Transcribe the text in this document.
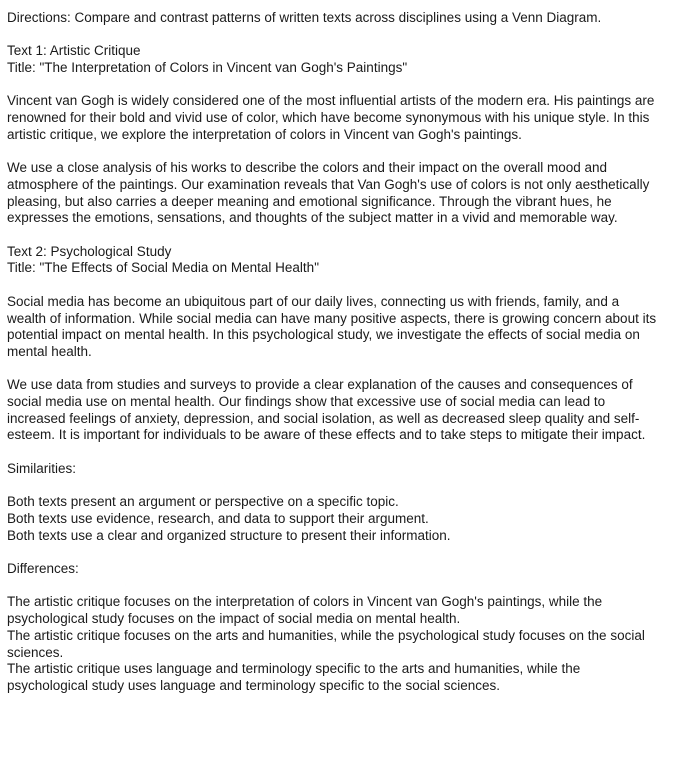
Directions: Compare and contrast patterns of written texts across disciplines using a Venn Diagram.

Text 1: Artistic Critique

Title: "The Interpretation of Colors in Vincent van Gogh's Paintings"

Vincent van Gogh is widely considered one of the most influential artists of the modern era. His paintings are renowned for their bold and vivid use of color, which have become synonymous with his unique style. In this artistic critique, we explore the interpretation of colors in Vincent van Gogh's paintings.

We use a close analysis of his works to describe the colors and their impact on the overall mood and atmosphere of the paintings. Our examination reveals that Van Gogh's use of colors is not only aesthetically pleasing, but also carries a deeper meaning and emotional significance. Through the vibrant hues, he expresses the emotions, sensations, and thoughts of the subject matter in a vivid and memorable way.

Text 2: Psychological Study

Title: "The Effects of Social Media on Mental Health"

Social media has become an ubiquitous part of our daily lives, connecting us with friends, family, and a wealth of information. While social media can have many positive aspects, there is growing concern about its potential impact on mental health. In this psychological study, we investigate the effects of social media on mental health.

We use data from studies and surveys to provide a clear explanation of the causes and consequences of social media use on mental health. Our findings show that excessive use of social media can lead to increased feelings of anxiety, depression, and social isolation, as well as decreased sleep quality and self-esteem. It is important for individuals to be aware of these effects and to take steps to mitigate their impact.

Similarities:

Both texts present an argument or perspective on a specific topic.

Both texts use evidence, research, and data to support their argument.

Both texts use a clear and organized structure to present their information.

Differences:

The artistic critique focuses on the interpretation of colors in Vincent van Gogh's paintings, while the psychological study focuses on the impact of social media on mental health.

The artistic critique focuses on the arts and humanities, while the psychological study focuses on the social sciences.

The artistic critique uses language and terminology specific to the arts and humanities, while the psychological study uses language and terminology specific to the social sciences.
